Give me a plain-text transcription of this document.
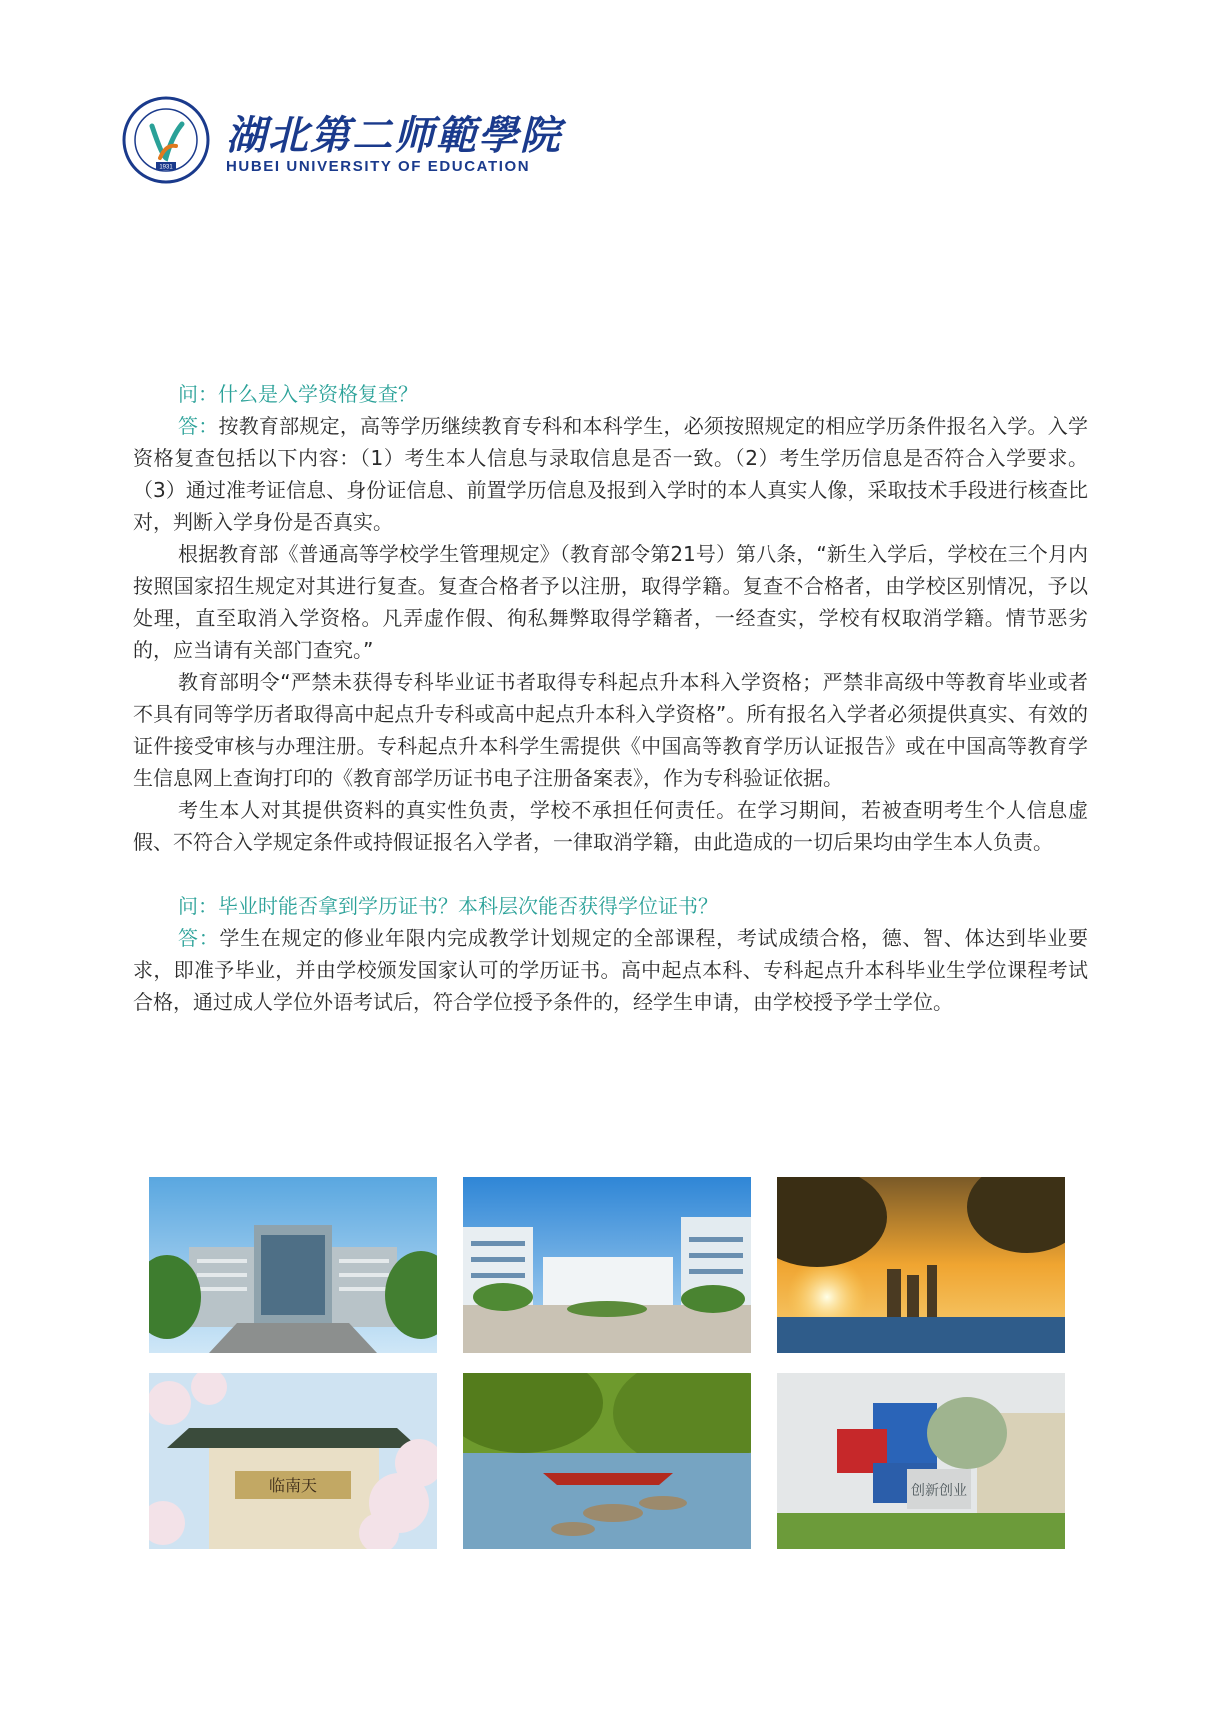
1931
湖北第二师範學院
HUBEI UNIVERSITY OF EDUCATION

问：什么是入学资格复查？

答：按教育部规定，高等学历继续教育专科和本科学生，必须按照规定的相应学历条件报名入学。入学资格复查包括以下内容：（1）考生本人信息与录取信息是否一致。（2）考生学历信息是否符合入学要求。（3）通过准考证信息、身份证信息、前置学历信息及报到入学时的本人真实人像，采取技术手段进行核查比对，判断入学身份是否真实。

根据教育部《普通高等学校学生管理规定》（教育部令第21号）第八条，“新生入学后，学校在三个月内按照国家招生规定对其进行复查。复查合格者予以注册，取得学籍。复查不合格者，由学校区别情况，予以处理，直至取消入学资格。凡弄虚作假、徇私舞弊取得学籍者，一经查实，学校有权取消学籍。情节恶劣的，应当请有关部门查究。”

教育部明令“严禁未获得专科毕业证书者取得专科起点升本科入学资格；严禁非高级中等教育毕业或者不具有同等学历者取得高中起点升专科或高中起点升本科入学资格”。所有报名入学者必须提供真实、有效的证件接受审核与办理注册。专科起点升本科学生需提供《中国高等教育学历认证报告》或在中国高等教育学生信息网上查询打印的《教育部学历证书电子注册备案表》，作为专科验证依据。

考生本人对其提供资料的真实性负责，学校不承担任何责任。在学习期间，若被查明考生个人信息虚假、不符合入学规定条件或持假证报名入学者，一律取消学籍，由此造成的一切后果均由学生本人负责。

问：毕业时能否拿到学历证书？本科层次能否获得学位证书？

答：学生在规定的修业年限内完成教学计划规定的全部课程，考试成绩合格，德、智、体达到毕业要求，即准予毕业，并由学校颁发国家认可的学历证书。高中起点本科、专科起点升本科毕业生学位课程考试合格，通过成人学位外语考试后，符合学位授予条件的，经学生申请，由学校授予学士学位。

临南天	创新创业
